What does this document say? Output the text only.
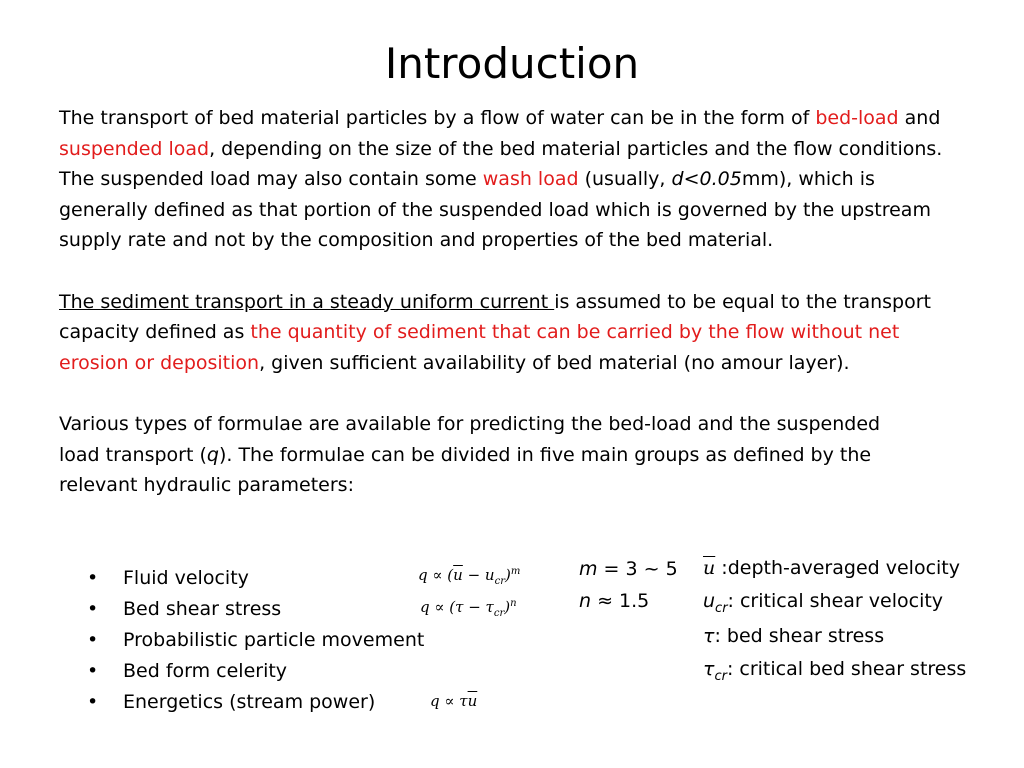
Introduction

The transport of bed material particles by a flow of water can be in the form of bed-load and suspended load, depending on the size of the bed material particles and the flow conditions. The suspended load may also contain some wash load (usually, d<0.05mm), which is generally defined as that portion of the suspended load which is governed by the upstream supply rate and not by the composition and properties of the bed material.

The sediment transport in a steady uniform current is assumed to be equal to the transport capacity defined as the quantity of sediment that can be carried by the flow without net erosion or deposition, given sufficient availability of bed material (no amour layer).

Various types of formulae are available for predicting the bed-load and the suspended load transport (q). The formulae can be divided in five main groups as defined by the relevant hydraulic parameters:

• Fluid velocity
• Bed shear stress
• Probabilistic particle movement
• Bed form celerity
• Energetics (stream power)
$q \propto (\overline{u} - u_{cr})^m$
$q \propto (\tau - \tau_{cr})^n$
$q \propto \tau\overline{u}$
m = 3 ~ 5
n ≈ 1.5
$\overline{u}$ :depth-averaged velocity
$u_{cr}$: critical shear velocity
τ: bed shear stress
$\tau_{cr}$: critical bed shear stress
